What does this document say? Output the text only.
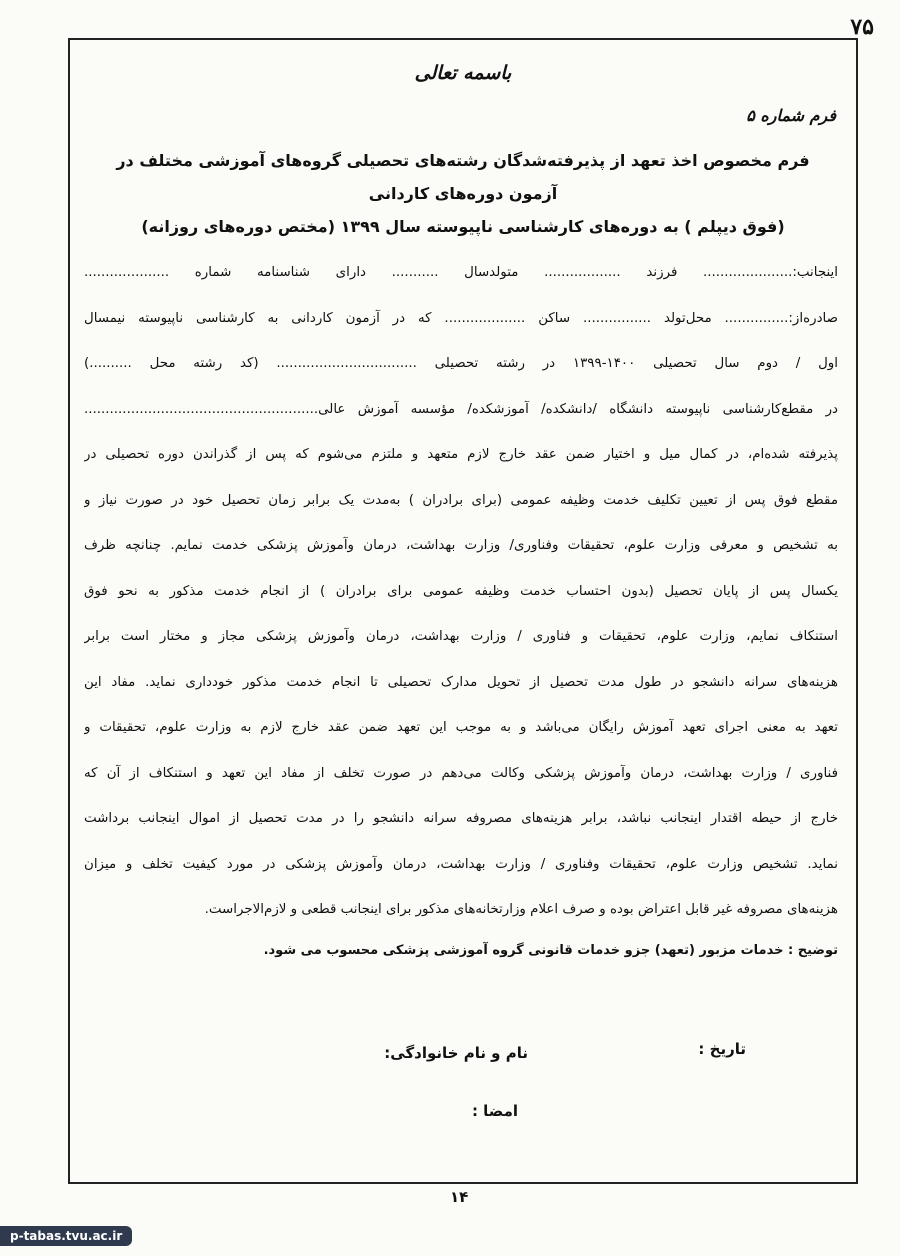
۷۵
باسمه تعالی
فرم شماره ۵
فرم مخصوص اخذ تعهد از پذیرفته‌شدگان رشته‌های تحصیلی گروه‌های آموزشی مختلف در آزمون دوره‌های کاردانی
(فوق دیپلم ) به دوره‌های کارشناسی ناپیوسته سال ۱۳۹۹ (مختص دوره‌های روزانه)
اینجانب:..................... فرزند .................. متولدسال ........... دارای شناسنامه شماره ....................
صادره‌از:............... محل‌تولد ................ ساکن ................... که در آزمون کاردانی به کارشناسی ناپیوسته نیمسال
اول / دوم سال تحصیلی ۱۴۰۰-۱۳۹۹ در رشته تحصیلی ................................. (کد رشته محل ..........)
در مقطع‌کارشناسی ناپیوسته دانشگاه /دانشکده/ آموزشکده/ مؤسسه آموزش عالی.......................................................
پذیرفته شده‌ام، در کمال میل و اختیار ضمن عقد خارج لازم متعهد و ملتزم می‌شوم که پس از گذراندن دوره تحصیلی در
مقطع فوق پس از تعیین تکلیف خدمت وظیفه عمومی (برای برادران ) به‌مدت یک برابر زمان تحصیل خود در صورت نیاز و
به تشخیص و معرفی وزارت علوم، تحقیقات وفناوری/ وزارت بهداشت، درمان وآموزش پزشکی خدمت نمایم. چنانچه ظرف
یکسال پس از پایان تحصیل (بدون احتساب خدمت وظیفه عمومی برای برادران ) از انجام خدمت مذکور به نحو فوق
استنکاف نمایم، وزارت علوم، تحقیقات و فناوری / وزارت بهداشت، درمان وآموزش پزشکی مجاز و مختار است برابر
هزینه‌های سرانه دانشجو در طول مدت تحصیل از تحویل مدارک تحصیلی تا انجام خدمت مذکور خودداری نماید. مفاد این
تعهد به معنی اجرای تعهد آموزش رایگان می‌باشد و به موجب این تعهد ضمن عقد خارج لازم به وزارت علوم، تحقیقات و
فناوری / وزارت بهداشت، درمان وآموزش پزشکی وکالت می‌دهم در صورت تخلف از مفاد این تعهد و استنکاف از آن که
خارج از حیطه اقتدار اینجانب نباشد، برابر هزینه‌های مصروفه سرانه دانشجو را در مدت تحصیل از اموال اینجانب برداشت
نماید. تشخیص وزارت علوم، تحقیقات وفناوری / وزارت بهداشت، درمان وآموزش پزشکی در مورد کیفیت تخلف و میزان
هزینه‌های مصروفه غیر قابل اعتراض بوده و صرف اعلام وزارتخانه‌های مذکور برای اینجانب قطعی و لازم‌الاجراست.
توضیح : خدمات مزبور (تعهد) جزو خدمات قانونی گروه آموزشی پزشکی محسوب می شود.
تاریخ :
نام و نام خانوادگی:
امضا :
۱۴
p-tabas.tvu.ac.ir
